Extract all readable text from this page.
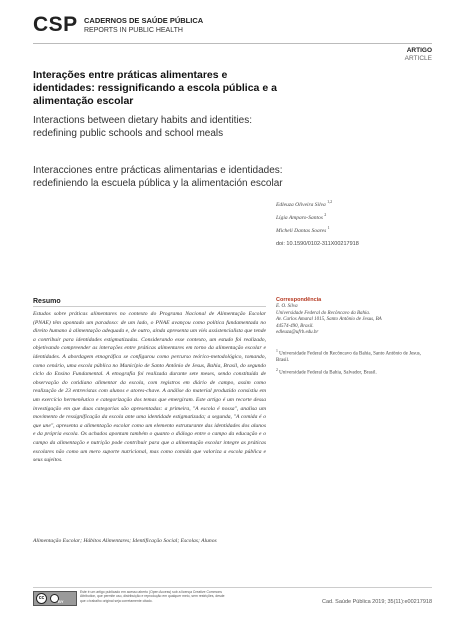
CSP CADERNOS DE SAÚDE PÚBLICA
REPORTS IN PUBLIC HEALTH
ARTIGO
ARTICLE
Interações entre práticas alimentares e identidades: ressignificando a escola pública e a alimentação escolar
Interactions between dietary habits and identities: redefining public schools and school meals
Interacciones entre prácticas alimentarias e identidades: redefiniendo la escuela pública y la alimentación escolar
Edleuza Oliveira Silva $^{1,2}$
Lígia Amparo-Santos $^2$
Micheli Dantas Soares $^1$
doi: 10.1590/0102-311X00217918
Resumo
Estudos sobre práticas alimentares no contexto do Programa Nacional de Alimentação Escolar (PNAE) têm apontado um paradoxo: de um lado, o PNAE avançou como política fundamentada no direito humano à alimentação adequada e, de outro, ainda apresenta um viés assistencialista que tende a contribuir para identidades estigmatizadas. Considerando esse contexto, um estudo foi realizado, objetivando compreender as interações entre práticas alimentares em torno da alimentação escolar e identidades. A abordagem etnográfica se configurou como percurso teórico-metodológico, tomando, como cenário, uma escola pública no Município de Santo Antônio de Jesus, Bahia, Brasil, do segundo ciclo do Ensino Fundamental. A etnografia foi realizada durante sete meses, sendo constituída de observação do cotidiano alimentar da escola, com registros em diário de campo, assim como realização de 23 entrevistas com alunos e atores-chave. A análise do material produzido consistiu em um exercício hermenêutico e categorização dos temas que emergiram. Este artigo é um recorte dessa investigação em que duas categorias são apresentadas: a primeira, "A escola é nossa", analisa um movimento de ressignificação da escola ante uma identidade estigmatizada; a segunda, "A comida é o que une", apresenta a alimentação escolar como um elemento estruturante das identidades dos alunos e da própria escola. Os achados apontam também o quanto o diálogo entre o campo da educação e o campo da alimentação e nutrição pode contribuir para que a alimentação escolar integre as práticas escolares não como um mero suporte nutricional, mas como comida que valoriza a escola pública e seus sujeitos.
Alimentação Escolar; Hábitos Alimentares; Identificação Social; Escolas; Alunos
Correspondência
E. O. Silva
Universidade Federal do Recôncavo da Bahia.
Av. Carlos Amaral 1015, Santo Antônio de Jesus, BA
44574-490, Brasil.
edleuza@ufrb.edu.br
$^1$ Universidade Federal do Recôncavo da Bahia, Santo Antônio de Jesus, Brasil.
$^2$ Universidade Federal da Bahia, Salvador, Brasil.
cc
BY
Este é um artigo publicado em acesso aberto (Open Access) sob a licença Creative Commons Attribution, que permite uso, distribuição e reprodução em qualquer meio, sem restrições, desde que o trabalho original seja corretamente citado.	Cad. Saúde Pública 2019; 35(11):e00217918
